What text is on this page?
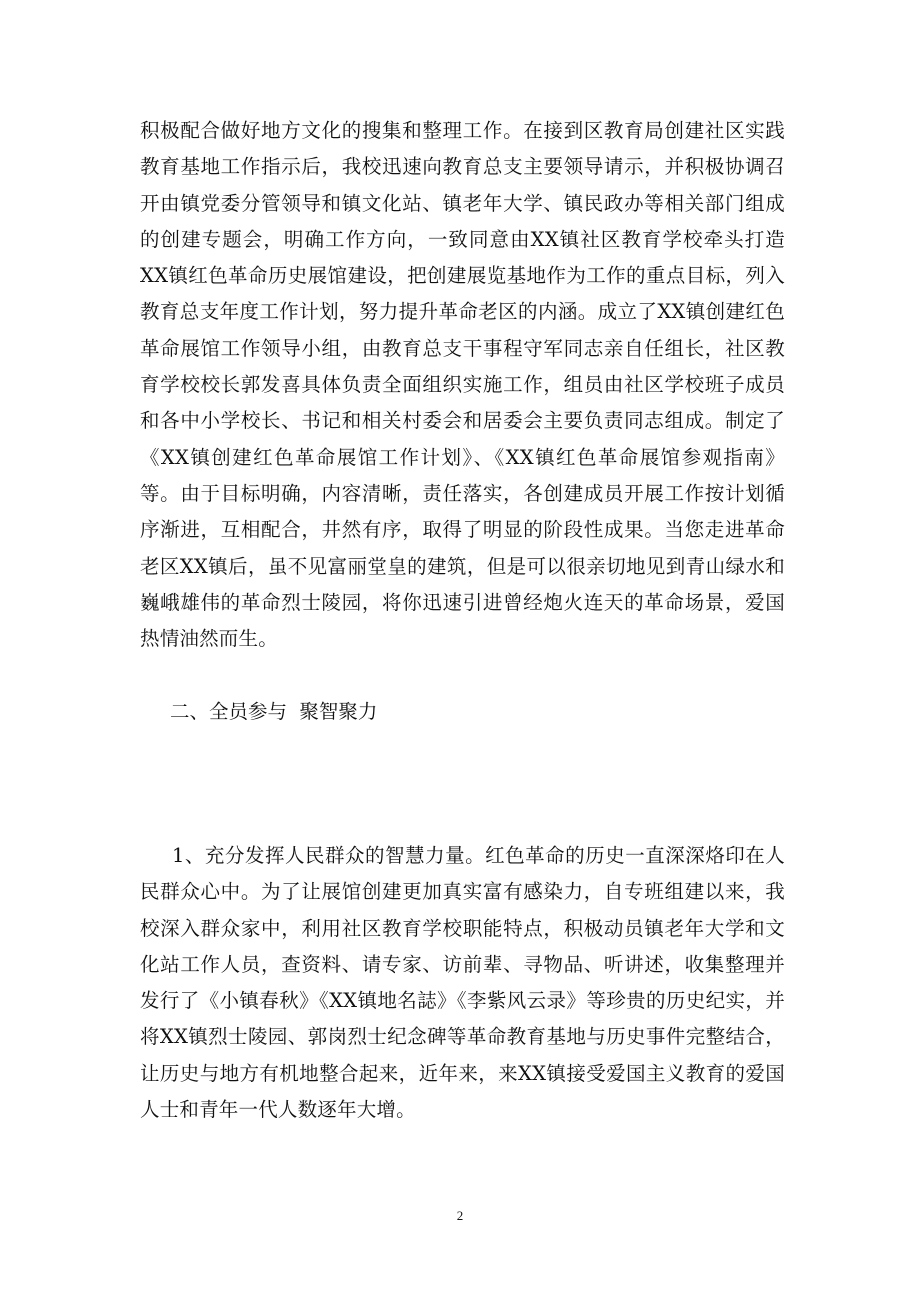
积极配合做好地方文化的搜集和整理工作。在接到区教育局创建社区实践教育基地工作指示后，我校迅速向教育总支主要领导请示，并积极协调召开由镇党委分管领导和镇文化站、镇老年大学、镇民政办等相关部门组成的创建专题会，明确工作方向，一致同意由XX镇社区教育学校牵头打造XX镇红色革命历史展馆建设，把创建展览基地作为工作的重点目标，列入教育总支年度工作计划，努力提升革命老区的内涵。成立了XX镇创建红色革命展馆工作领导小组，由教育总支干事程守军同志亲自任组长，社区教育学校校长郭发喜具体负责全面组织实施工作，组员由社区学校班子成员和各中小学校长、书记和相关村委会和居委会主要负责同志组成。制定了《XX镇创建红色革命展馆工作计划》、《XX镇红色革命展馆参观指南》等。由于目标明确，内容清晰，责任落实，各创建成员开展工作按计划循序渐进，互相配合，井然有序，取得了明显的阶段性成果。当您走进革命老区XX镇后，虽不见富丽堂皇的建筑，但是可以很亲切地见到青山绿水和巍峨雄伟的革命烈士陵园，将你迅速引进曾经炮火连天的革命场景，爱国热情油然而生。

二、全员参与  聚智聚力

1、充分发挥人民群众的智慧力量。红色革命的历史一直深深烙印在人民群众心中。为了让展馆创建更加真实富有感染力，自专班组建以来，我校深入群众家中，利用社区教育学校职能特点，积极动员镇老年大学和文化站工作人员，查资料、请专家、访前辈、寻物品、听讲述，收集整理并发行了《小镇春秋》《XX镇地名誌》《李紫风云录》等珍贵的历史纪实，并将XX镇烈士陵园、郭岗烈士纪念碑等革命教育基地与历史事件完整结合，让历史与地方有机地整合起来，近年来，来XX镇接受爱国主义教育的爱国人士和青年一代人数逐年大增。

2
